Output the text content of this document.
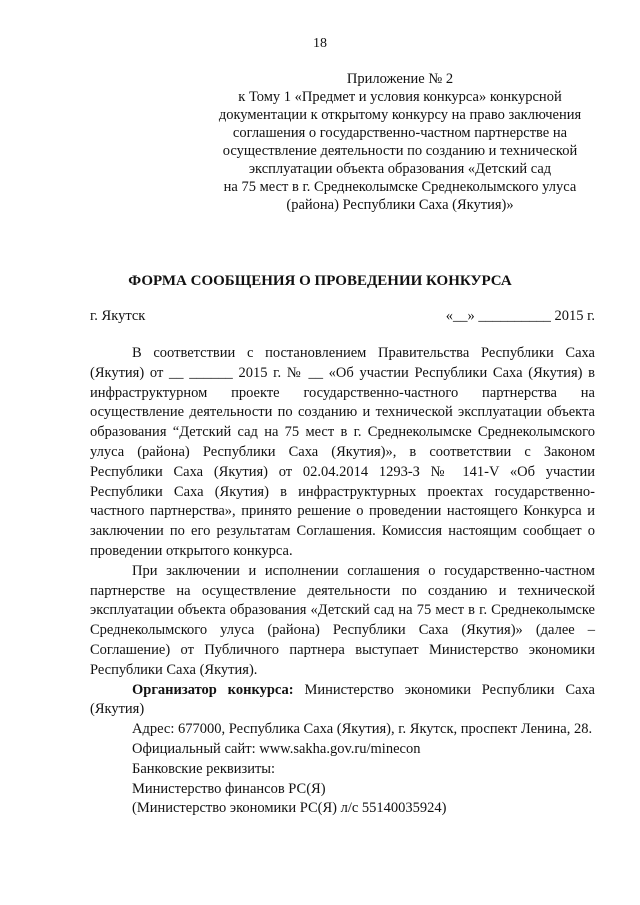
18
Приложение № 2
к Тому 1 «Предмет и условия конкурса» конкурсной
документации к открытому конкурсу на право заключения
соглашения о государственно-частном партнерстве на
осуществление деятельности по созданию и технической
эксплуатации объекта образования «Детский сад
на 75 мест в г. Среднеколымске Среднеколымского улуса
(района) Республики Саха (Якутия)»
ФОРМА СООБЩЕНИЯ О ПРОВЕДЕНИИ КОНКУРСА
г. Якутск	«__» __________ 2015 г.

В соответствии с постановлением Правительства Республики Саха (Якутия) от __ ______ 2015 г. № __ «Об участии Республики Саха (Якутия) в инфраструктурном проекте государственно-частного партнерства на осуществление деятельности по созданию и технической эксплуатации объекта образования “Детский сад на 75 мест в г. Среднеколымске Среднеколымского улуса (района) Республики Саха (Якутия)», в соответствии с Законом Республики Саха (Якутия) от 02.04.2014 1293-З № 141-V «Об участии Республики Саха (Якутия) в инфраструктурных проектах государственно-частного партнерства», принято решение о проведении настоящего Конкурса и заключении по его результатам Соглашения. Комиссия настоящим сообщает о проведении открытого конкурса.

При заключении и исполнении соглашения о государственно-частном партнерстве на осуществление деятельности по созданию и технической эксплуатации объекта образования «Детский сад на 75 мест в г. Среднеколымске Среднеколымского улуса (района) Республики Саха (Якутия)» (далее – Соглашение) от Публичного партнера выступает Министерство экономики Республики Саха (Якутия).

Организатор конкурса: Министерство экономики Республики Саха (Якутия)

Адрес: 677000, Республика Саха (Якутия), г. Якутск, проспект Ленина, 28.

Официальный сайт: www.sakha.gov.ru/minecon

Банковские реквизиты:

Министерство финансов РС(Я)

(Министерство экономики РС(Я) л/с 55140035924)
